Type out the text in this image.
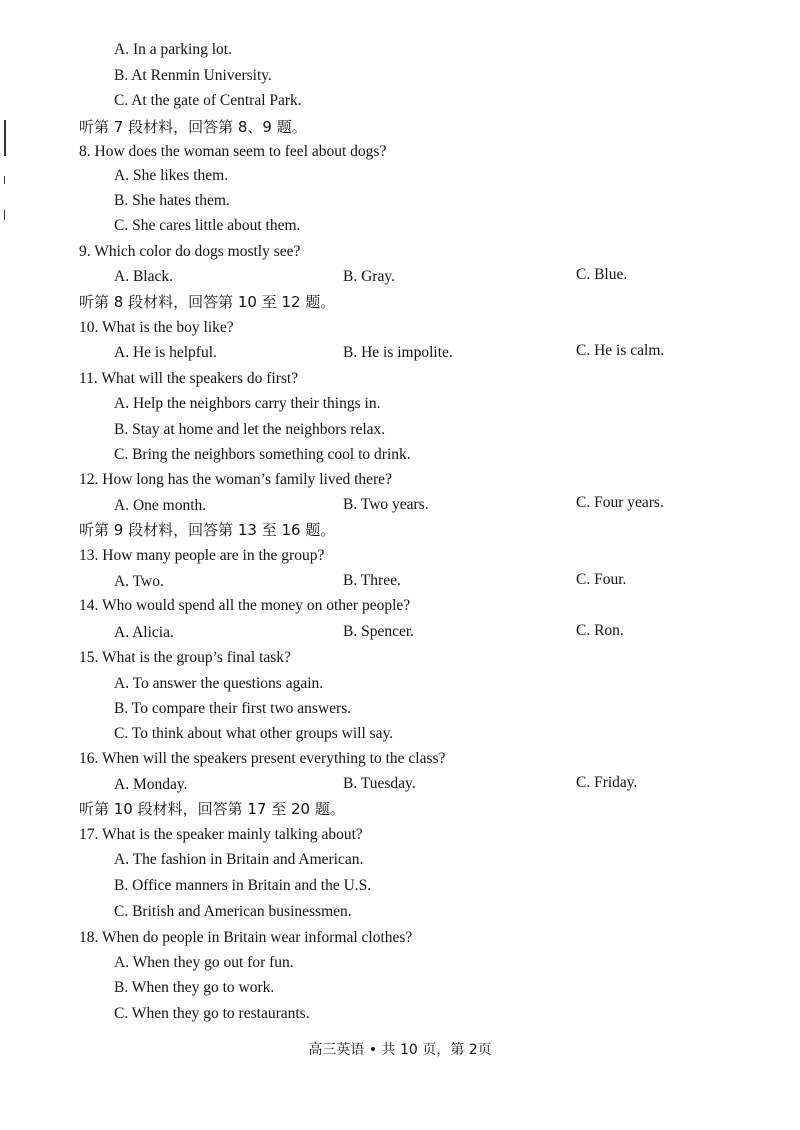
A. In a parking lot.
B. At Renmin University.
C. At the gate of Central Park.
听第 7 段材料，回答第 8、9 题。
8. How does the woman seem to feel about dogs?
A. She likes them.
B. She hates them.
C. She cares little about them.
9. Which color do dogs mostly see?
A. Black.	B. Gray.	C. Blue.
听第 8 段材料，回答第 10 至 12 题。
10. What is the boy like?
A. He is helpful.	B. He is impolite.	C. He is calm.
11. What will the speakers do first?
A. Help the neighbors carry their things in.
B. Stay at home and let the neighbors relax.
C. Bring the neighbors something cool to drink.
12. How long has the woman’s family lived there?
A. One month.	B. Two years.	C. Four years.
听第 9 段材料，回答第 13 至 16 题。
13. How many people are in the group?
A. Two.	B. Three.	C. Four.
14. Who would spend all the money on other people?
A. Alicia.	B. Spencer.	C. Ron.
15. What is the group’s final task?
A. To answer the questions again.
B. To compare their first two answers.
C. To think about what other groups will say.
16. When will the speakers present everything to the class?
A. Monday.	B. Tuesday.	C. Friday.
听第 10 段材料，回答第 17 至 20 题。
17. What is the speaker mainly talking about?
A. The fashion in Britain and American.
B. Office manners in Britain and the U.S.
C. British and American businessmen.
18. When do people in Britain wear informal clothes?
A. When they go out for fun.
B. When they go to work.
C. When they go to restaurants.
高三英语 • 共 10 页，第 2页
